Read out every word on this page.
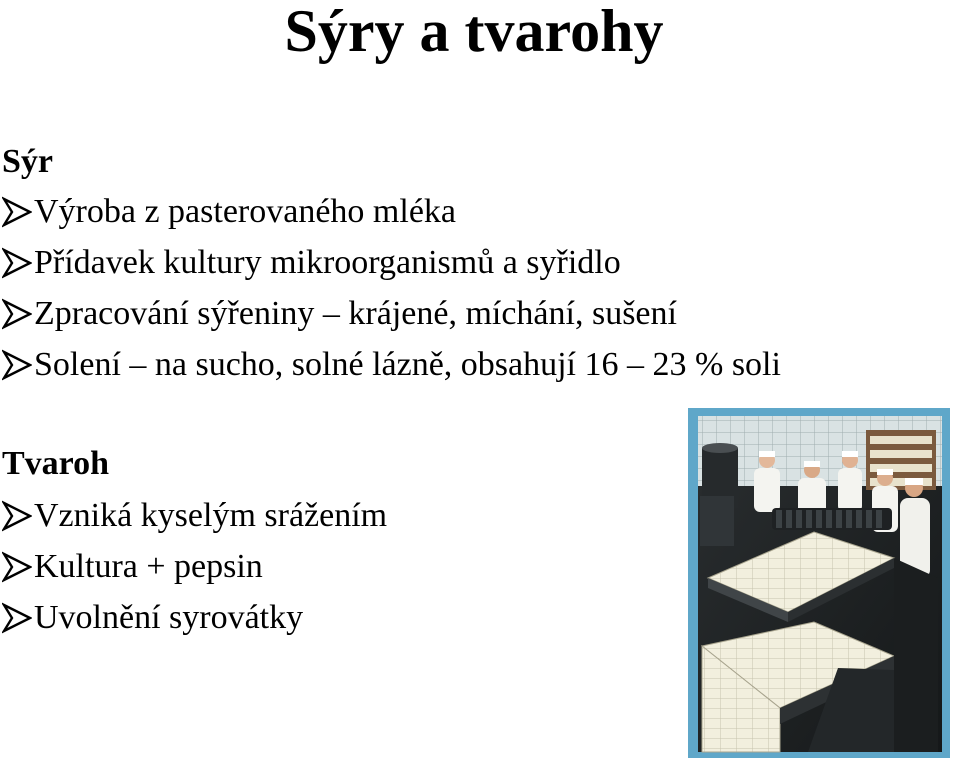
Sýry a tvarohy
Sýr
Výroba z pasterovaného mléka
Přídavek kultury mikroorganismů a syřidlo
Zpracování sýřeniny – krájené, míchání, sušení
Solení – na sucho, solné lázně, obsahují 16 – 23 % soli
Tvaroh
Vzniká kyselým srážením
Kultura + pepsin
Uvolnění syrovátky
